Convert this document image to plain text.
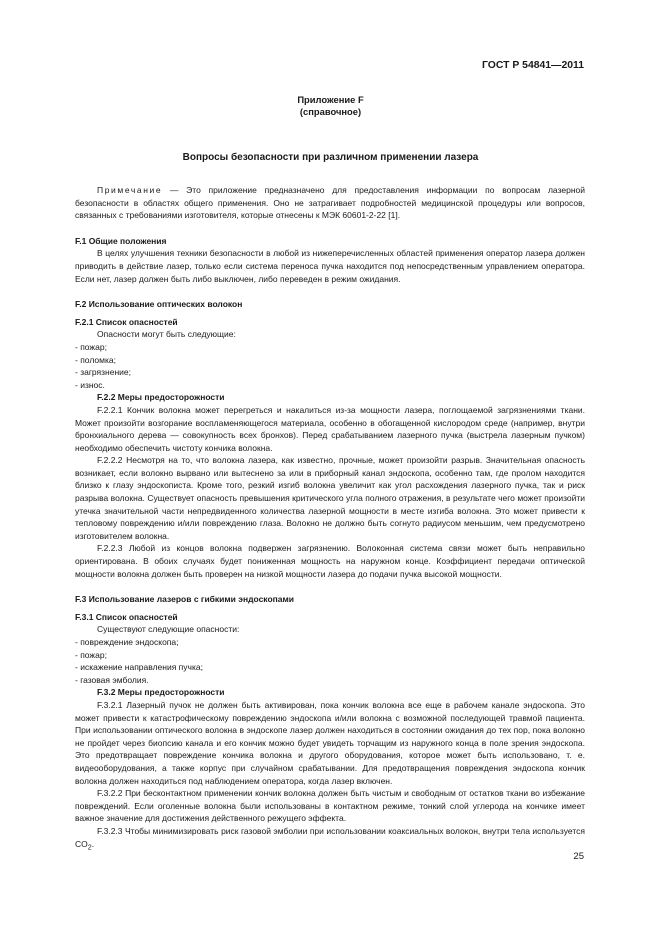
ГОСТ Р 54841—2011
Приложение F
(справочное)
Вопросы безопасности при различном применении лазера

Примечание — Это приложение предназначено для предоставления информации по вопросам лазерной безопасности в областях общего применения. Оно не затрагивает подробностей медицинской процедуры или вопросов, связанных с требованиями изготовителя, которые отнесены к МЭК 60601-2-22 [1].

F.1 Общие положения

В целях улучшения техники безопасности в любой из нижеперечисленных областей применения оператор лазера должен приводить в действие лазер, только если система переноса пучка находится под непосредственным управлением оператора. Если нет, лазер должен быть либо выключен, либо переведен в режим ожидания.

F.2 Использование оптических волокон

F.2.1 Список опасностей

Опасности могут быть следующие:

- пожар;

- поломка;

- загрязнение;

- износ.

F.2.2 Меры предосторожности

F.2.2.1 Кончик волокна может перегреться и накалиться из-за мощности лазера, поглощаемой загрязнениями ткани. Может произойти возгорание воспламеняющегося материала, особенно в обогащенной кислородом среде (например, внутри бронхиального дерева — совокупность всех бронхов). Перед срабатыванием лазерного пучка (выстрела лазерным пучком) необходимо обеспечить чистоту кончика волокна.

F.2.2.2 Несмотря на то, что волокна лазера, как известно, прочные, может произойти разрыв. Значительная опасность возникает, если волокно вырвано или вытеснено за или в приборный канал эндоскопа, особенно там, где пролом находится близко к глазу эндоскописта. Кроме того, резкий изгиб волокна увеличит как угол расхождения лазерного пучка, так и риск разрыва волокна. Существует опасность превышения критического угла полного отражения, в результате чего может произойти утечка значительной части непредвиденного количества лазерной мощности в месте изгиба волокна. Это может привести к тепловому повреждению и/или повреждению глаза. Волокно не должно быть согнуто радиусом меньшим, чем предусмотрено изготовителем волокна.

F.2.2.3 Любой из концов волокна подвержен загрязнению. Волоконная система связи может быть неправильно ориентирована. В обоих случаях будет пониженная мощность на наружном конце. Коэффициент передачи оптической мощности волокна должен быть проверен на низкой мощности лазера до подачи пучка высокой мощности.

F.3 Использование лазеров с гибкими эндоскопами

F.3.1 Список опасностей

Существуют следующие опасности:

- повреждение эндоскопа;

- пожар;

- искажение направления пучка;

- газовая эмболия.

F.3.2 Меры предосторожности

F.3.2.1 Лазерный пучок не должен быть активирован, пока кончик волокна все еще в рабочем канале эндоскопа. Это может привести к катастрофическому повреждению эндоскопа и/или волокна с возможной последующей травмой пациента. При использовании оптического волокна в эндоскопе лазер должен находиться в состоянии ожидания до тех пор, пока волокно не пройдет через биопсию канала и его кончик можно будет увидеть торчащим из наружного конца в поле зрения эндоскопа. Это предотвращает повреждение кончика волокна и другого оборудования, которое может быть использовано, т. е. видеооборудования, а также корпус при случайном срабатывании. Для предотвращения повреждения эндоскопа кончик волокна должен находиться под наблюдением оператора, когда лазер включен.

F.3.2.2 При бесконтактном применении кончик волокна должен быть чистым и свободным от остатков ткани во избежание повреждений. Если оголенные волокна были использованы в контактном режиме, тонкий слой углерода на кончике имеет важное значение для достижения действенного режущего эффекта.

F.3.2.3 Чтобы минимизировать риск газовой эмболии при использовании коаксиальных волокон, внутри тела используется $CO_2$.

25
